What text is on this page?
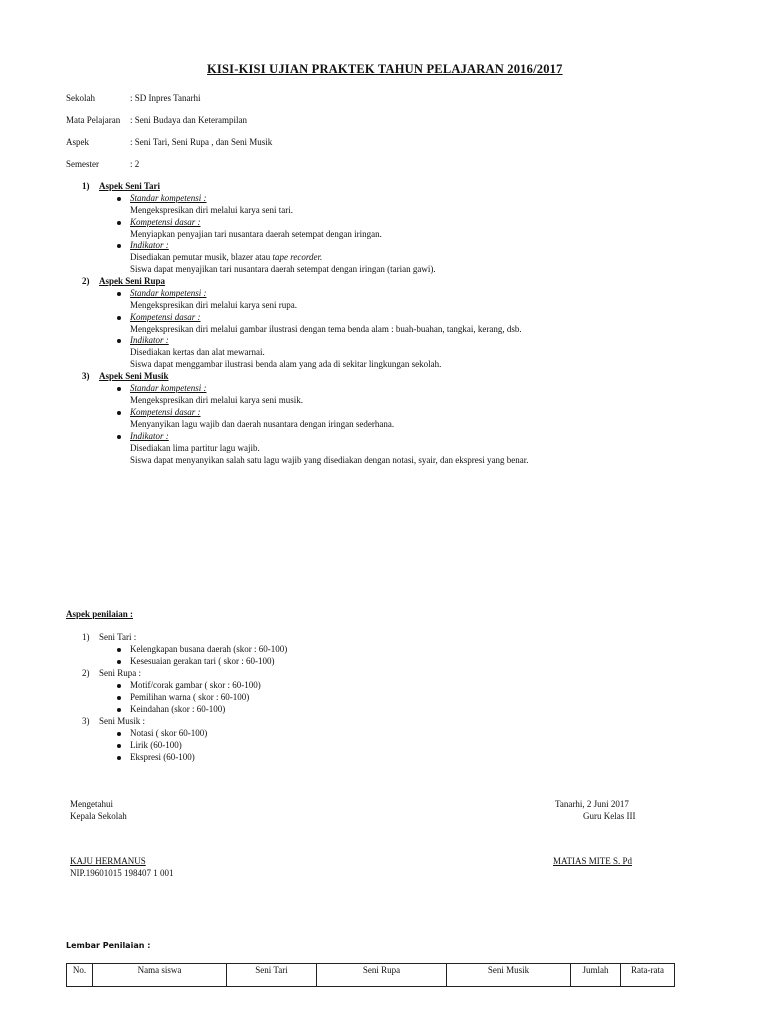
KISI-KISI UJIAN PRAKTEK TAHUN PELAJARAN 2016/2017
Sekolah	: SD Inpres Tanarhi
Mata Pelajaran : Seni Budaya dan Keterampilan
Aspek	: Seni Tari, Seni Rupa , dan Seni Musik
Semester	: 2
1) Aspek Seni Tari
Standar kompetensi :
Mengekspresikan diri melalui karya seni tari.
Kompetensi dasar :
Menyiapkan penyajian tari nusantara daerah setempat dengan iringan.
Indikator :
Disediakan pemutar musik, blazer atau tape recorder.
Siswa dapat menyajikan tari nusantara daerah setempat dengan iringan (tarian gawi).
2) Aspek Seni Rupa
Standar kompetensi :
Mengekspresikan diri melalui karya seni rupa.
Kompetensi dasar :
Mengekspresikan diri melalui gambar ilustrasi dengan tema benda alam : buah-buahan, tangkai, kerang, dsb.
Indikator :
Disediakan kertas dan alat mewarnai.
Siswa dapat menggambar ilustrasi benda alam yang ada di sekitar lingkungan sekolah.
3) Aspek Seni Musik
Standar kompetensi :
Mengekspresikan diri melalui karya seni musik.
Kompetensi dasar :
Menyanyikan lagu wajib dan daerah nusantara dengan iringan sederhana.
Indikator :
Disediakan lima partitur lagu wajib.
Siswa dapat menyanyikan salah satu lagu wajib yang disediakan dengan notasi, syair, dan ekspresi yang benar.
Aspek penilaian :
1) Seni Tari :
Kelengkapan busana daerah (skor : 60-100)
Kesesuaian gerakan tari ( skor : 60-100)
2) Seni Rupa :
Motif/corak gambar ( skor : 60-100)
Pemilihan warna ( skor : 60-100)
Keindahan (skor : 60-100)
3) Seni Musik :
Notasi ( skor 60-100)
Lirik (60-100)
Ekspresi (60-100)
Mengetahui
Kepala Sekolah
Tanarhi, 2 Juni 2017
Guru Kelas III
KAJU HERMANUS
NIP.19601015 198407 1 001
MATIAS MITE S. Pd
Lembar Penilaian :
No.	Nama siswa	Seni Tari	Seni Rupa	Seni Musik	Jumlah	Rata-rata
